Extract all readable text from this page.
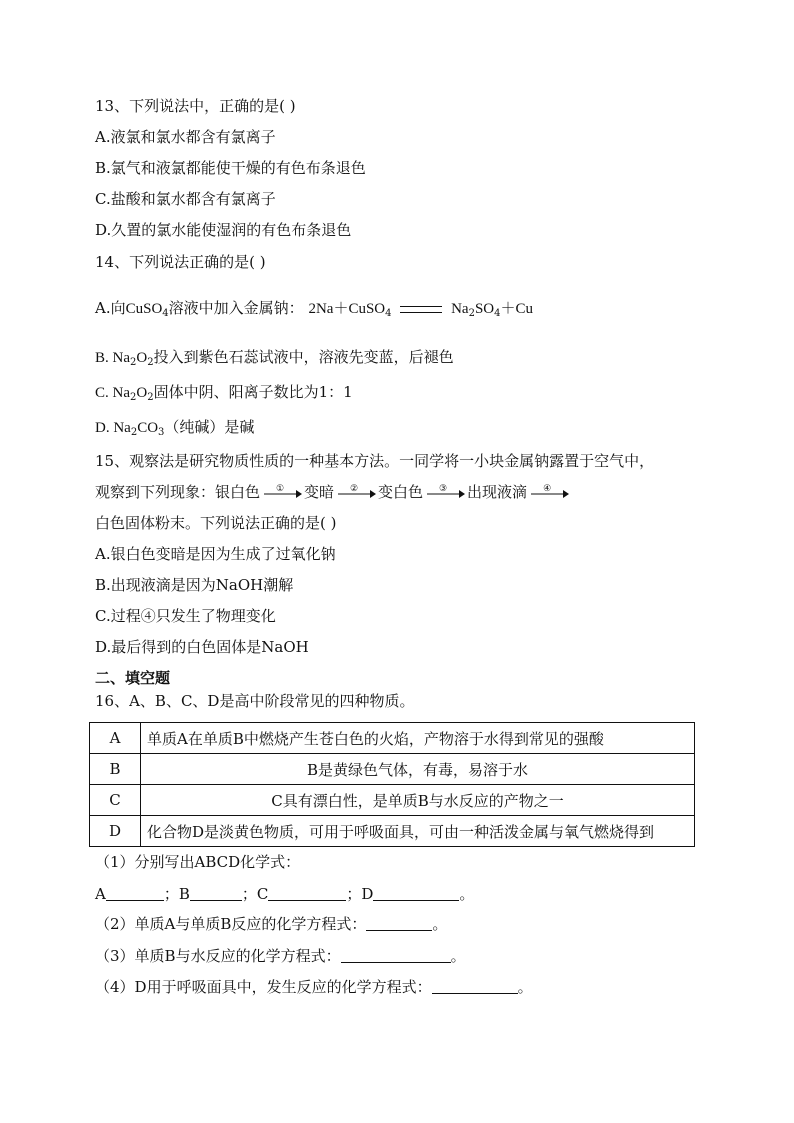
13、下列说法中，正确的是( )
A.液氯和氯水都含有氯离子
B.氯气和液氯都能使干燥的有色布条退色
C.盐酸和氯水都含有氯离子
D.久置的氯水能使湿润的有色布条退色
14、下列说法正确的是( )
A.向CuSO$_4$溶液中加入金属钠： 2Na＋CuSO$_4$	$Na_2SO_4+Cu$
B. $Na_2O_2$投入到紫色石蕊试液中，溶液先变蓝，后褪色
C. $Na_2O_2$固体中阴、阳离子数比为1：1
D. $Na_2CO_3$（纯碱）是碱
15、观察法是研究物质性质的一种基本方法。一同学将一小块金属钠露置于空气中，
观察到下列现象：银白色 ① 变暗 ② 变白色 ③ 出现液滴 ④
白色固体粉末。下列说法正确的是( )
A.银白色变暗是因为生成了过氧化钠
B.出现液滴是因为NaOH潮解
C.过程④只发生了物理变化
D.最后得到的白色固体是NaOH
二、填空题
16、A、B、C、D是高中阶段常见的四种物质。
A	单质A在单质B中燃烧产生苍白色的火焰，产物溶于水得到常见的强酸
B	B是黄绿色气体，有毒，易溶于水
C	C具有漂白性，是单质B与水反应的产物之一
D	化合物D是淡黄色物质，可用于呼吸面具，可由一种活泼金属与氧气燃烧得到
（1）分别写出ABCD化学式：
A	；B	；C	；D	。
（2）单质A与单质B反应的化学方程式：	。
（3）单质B与水反应的化学方程式：	。
（4）D用于呼吸面具中，发生反应的化学方程式：	。
